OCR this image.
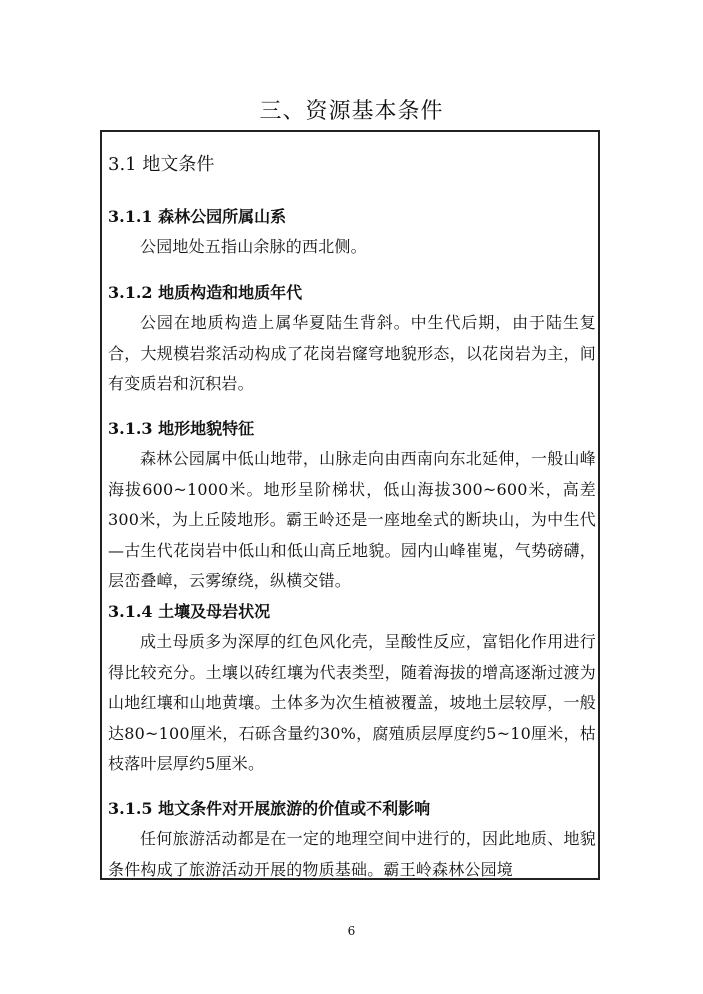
三、资源基本条件
3.1 地文条件
3.1.1 森林公园所属山系
公园地处五指山余脉的西北侧。
3.1.2 地质构造和地质年代
公园在地质构造上属华夏陆生背斜。中生代后期，由于陆生复合，大规模岩浆活动构成了花岗岩窿穹地貌形态，以花岗岩为主，间有变质岩和沉积岩。
3.1.3 地形地貌特征
森林公园属中低山地带，山脉走向由西南向东北延伸，一般山峰海拔600~1000米。地形呈阶梯状，低山海拔300~600米，高差300米，为上丘陵地形。霸王岭还是一座地垒式的断块山，为中生代—古生代花岗岩中低山和低山高丘地貌。园内山峰崔嵬，气势磅礴，层峦叠嶂，云雾缭绕，纵横交错。
3.1.4 土壤及母岩状况
成土母质多为深厚的红色风化壳，呈酸性反应，富铝化作用进行得比较充分。土壤以砖红壤为代表类型，随着海拔的增高逐渐过渡为山地红壤和山地黄壤。土体多为次生植被覆盖，坡地土层较厚，一般达80~100厘米，石砾含量约30%，腐殖质层厚度约5~10厘米，枯枝落叶层厚约5厘米。
3.1.5 地文条件对开展旅游的价值或不利影响
任何旅游活动都是在一定的地理空间中进行的，因此地质、地貌条件构成了旅游活动开展的物质基础。霸王岭森林公园境
6
